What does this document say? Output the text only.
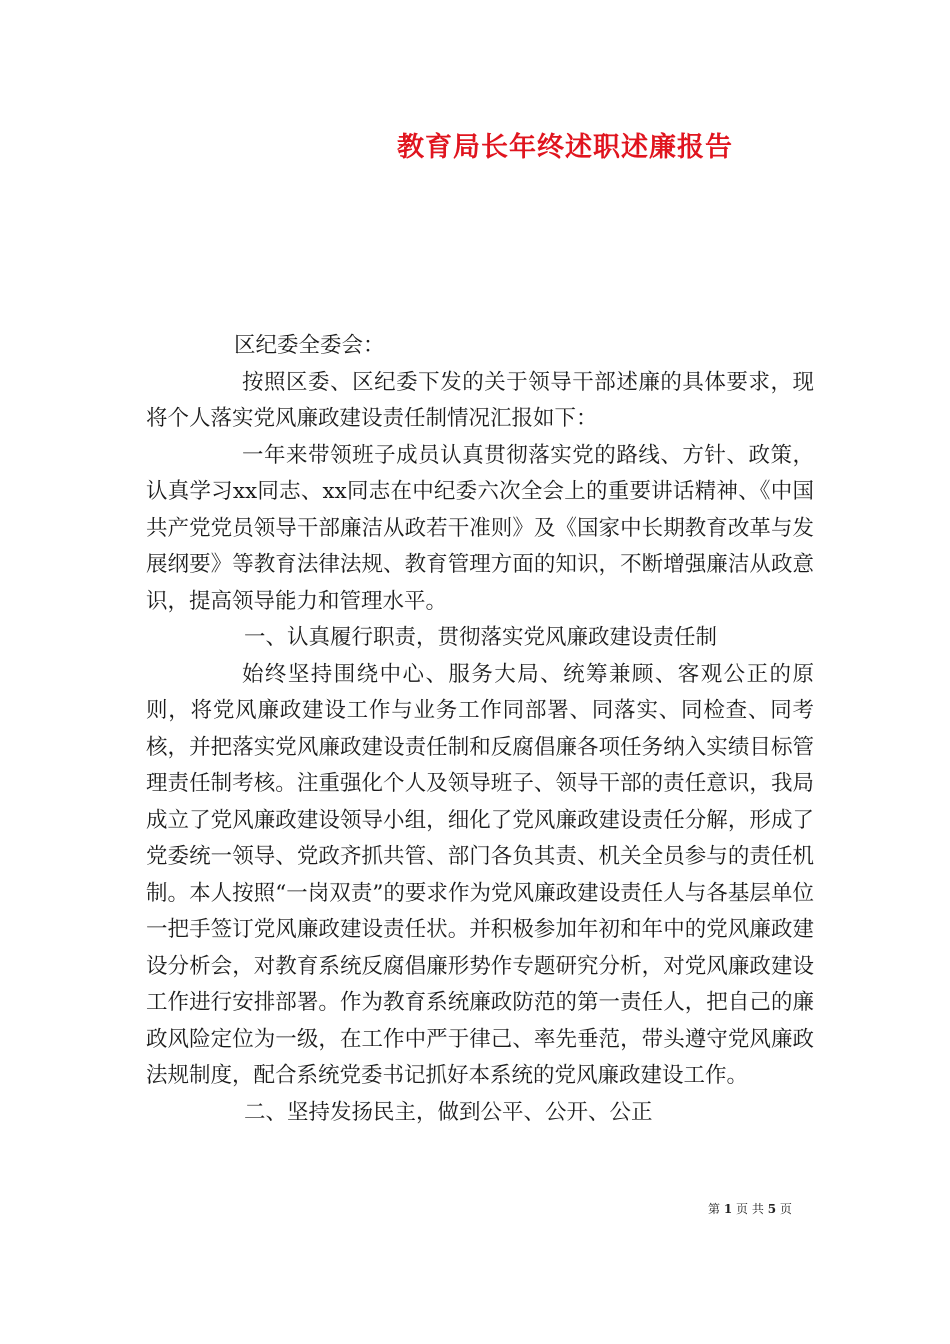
教育局长年终述职述廉报告

区纪委全委会：

按照区委、区纪委下发的关于领导干部述廉的具体要求，现将个人落实党风廉政建设责任制情况汇报如下：

一年来带领班子成员认真贯彻落实党的路线、方针、政策，认真学习xx同志、xx同志在中纪委六次全会上的重要讲话精神、《中国共产党党员领导干部廉洁从政若干准则》及《国家中长期教育改革与发展纲要》等教育法律法规、教育管理方面的知识，不断增强廉洁从政意识，提高领导能力和管理水平。

一、认真履行职责，贯彻落实党风廉政建设责任制

始终坚持围绕中心、服务大局、统筹兼顾、客观公正的原则，将党风廉政建设工作与业务工作同部署、同落实、同检查、同考核，并把落实党风廉政建设责任制和反腐倡廉各项任务纳入实绩目标管理责任制考核。注重强化个人及领导班子、领导干部的责任意识，我局成立了党风廉政建设领导小组，细化了党风廉政建设责任分解，形成了党委统一领导、党政齐抓共管、部门各负其责、机关全员参与的责任机制。本人按照“一岗双责”的要求作为党风廉政建设责任人与各基层单位一把手签订党风廉政建设责任状。并积极参加年初和年中的党风廉政建设分析会，对教育系统反腐倡廉形势作专题研究分析，对党风廉政建设工作进行安排部署。作为教育系统廉政防范的第一责任人，把自己的廉政风险定位为一级，在工作中严于律己、率先垂范，带头遵守党风廉政法规制度，配合系统党委书记抓好本系统的党风廉政建设工作。

二、坚持发扬民主，做到公平、公开、公正

第 1 页 共 5 页
